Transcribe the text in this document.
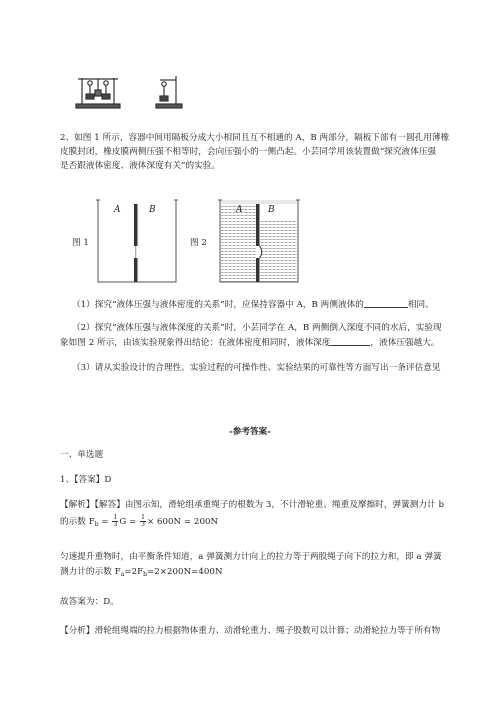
2、如图 1 所示，容器中间用隔板分成大小相同且互不相通的 A，B 两部分，隔板下部有一圆孔用薄橡
皮膜封闭，橡皮膜两侧压强不相等时，会向压强小的一侧凸起。小芸同学用该装置做“探究液体压强
是否跟液体密度、液体深度有关”的实验。
图 1
A	B
图 2
A	B
（1）探究“液体压强与液体密度的关系”时，应保持容器中 A，B 两侧液体的	相同。
（2）探究“液体压强与液体深度的关系”时，小芸同学在 A，B 两侧倒入深度不同的水后，实验现
象如图 2 所示，由该实验现象得出结论：在液体密度相同时，液体深度	，液体压强越大。
（3）请从实验设计的合理性、实验过程的可操作性、实验结果的可靠性等方面写出一条评估意见
-参考答案-
一、单选题
1、【答案】D
【解析】【解答】由图示知，滑轮组承重绳子的根数为 3，不计滑轮重、绳重及摩擦时，弹簧测力计 b
的示数 $F_b = \frac{1}{3}$ $G = \frac{1}{3} \times 600N = 200N$
匀速提升重物时，由平衡条件知道，a 弹簧测力计向上的拉力等于两股绳子向下的拉力和，即 a 弹簧
测力计的示数 $F_a=2F_b=2\times 200N=400N$
故答案为：D。
【分析】滑轮组绳端的拉力根据物体重力、动滑轮重力、绳子股数可以计算；动滑轮拉力等于所有物
